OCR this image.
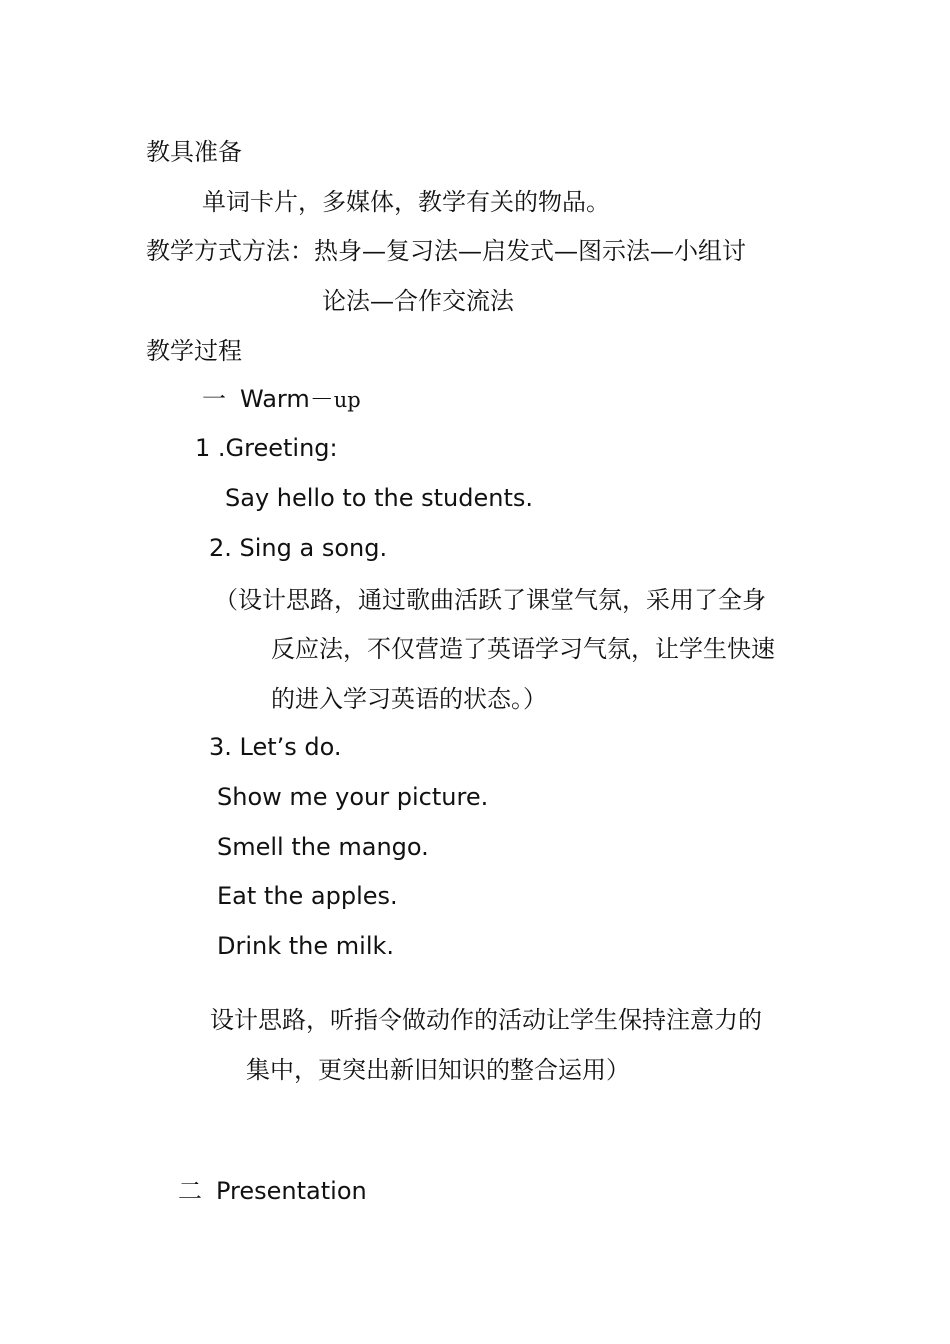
教具准备
单词卡片，多媒体，教学有关的物品。
教学方式方法：热身—复习法—启发式—图示法—小组讨
论法—合作交流法
教学过程
一 Warm－up
1 .Greeting:
Say hello to the students.
2. Sing a song.
（设计思路，通过歌曲活跃了课堂气氛，采用了全身
反应法，不仅营造了英语学习气氛，让学生快速
的进入学习英语的状态。）
3. Let’s do.
Show me your picture.
Smell the mango.
Eat the apples.
Drink the milk.
设计思路，听指令做动作的活动让学生保持注意力的
集中，更突出新旧知识的整合运用）
二 Presentation
